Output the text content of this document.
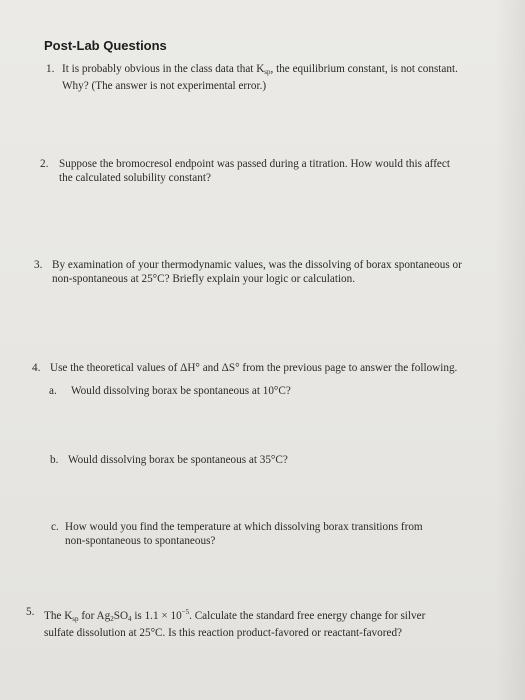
Post-Lab Questions
1. It is probably obvious in the class data that $K_{sp}$, the equilibrium constant, is not constant.
Why? (The answer is not experimental error.)
2. Suppose the bromocresol endpoint was passed during a titration. How would this affect
the calculated solubility constant?
3. By examination of your thermodynamic values, was the dissolving of borax spontaneous or
non-spontaneous at 25°C? Briefly explain your logic or calculation.
4. Use the theoretical values of ΔH° and ΔS° from the previous page to answer the following.
a. Would dissolving borax be spontaneous at 10°C?
b. Would dissolving borax be spontaneous at 35°C?
c. How would you find the temperature at which dissolving borax transitions from
non-spontaneous to spontaneous?
5. The $K_{sp}$ for $Ag_2SO_4$ is $1.1 \times 10^{-5}$. Calculate the standard free energy change for silver
sulfate dissolution at 25°C. Is this reaction product-favored or reactant-favored?
